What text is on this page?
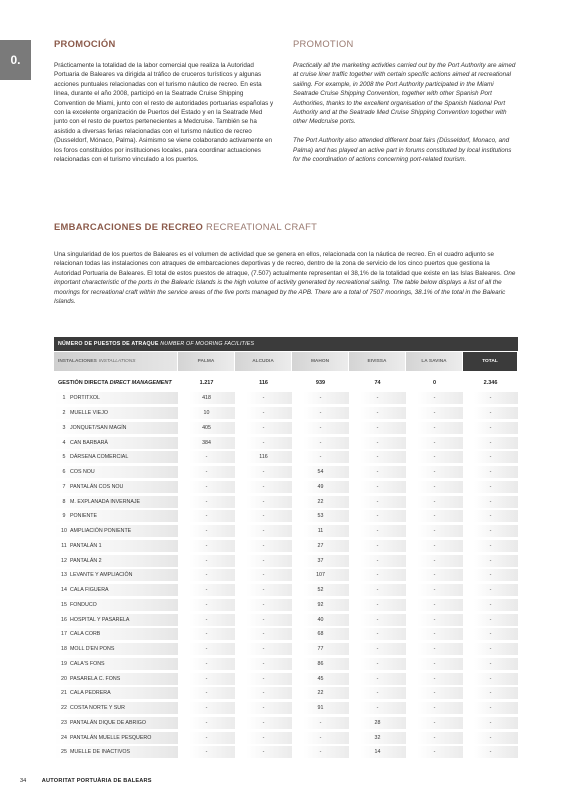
0.
PROMOCIÓN

Prácticamente la totalidad de la labor comercial que realiza la Autoridad Portuaria de Baleares va dirigida al tráfico de cruceros turísticos y algunas acciones puntuales relacionadas con el turismo náutico de recreo. En esta línea, durante el año 2008, participó en la Seatrade Cruise Shipping Convention de Miami, junto con el resto de autoridades portuarias españolas y con la excelente organización de Puertos del Estado y en la Seatrade Med junto con el resto de puertos pertenecientes a Medcruise. También se ha asistido a diversas ferias relacionadas con el turismo náutico de recreo (Dusseldorf, Mónaco, Palma). Asimismo se viene colaborando activamente en los foros constituidos por instituciones locales, para coordinar actuaciones relacionadas con el turismo vinculado a los puertos.

PROMOTION

Practically all the marketing activities carried out by the Port Authority are aimed at cruise liner traffic together with certain specific actions aimed at recreational sailing. For example, in 2008 the Port Authority participated in the Miami Seatrade Cruise Shipping Convention, together with other Spanish Port Authorities, thanks to the excellent organisation of the Spanish National Port Authority and at the Seatrade Med Cruise Shipping Convention together with other Medcruise ports.

The Port Authority also attended different boat fairs (Düsseldorf, Monaco, and Palma) and has played an active part in forums constituted by local institutions for the coordination of actions concerning port-related tourism.

EMBARCACIONES DE RECREO RECREATIONAL CRAFT

Una singularidad de los puertos de Baleares es el volumen de actividad que se genera en ellos, relacionada con la náutica de recreo. En el cuadro adjunto se relacionan todas las instalaciones con atraques de embarcaciones deportivas y de recreo, dentro de la zona de servicio de los cinco puertos que gestiona la Autoridad Portuaria de Baleares. El total de estos puestos de atraque, (7.507) actualmente representan el 38,1% de la totalidad que existe en las Islas Baleares. One important characteristic of the ports in the Balearic Islands is the high volume of activity generated by recreational sailing. The table below displays a list of all the moorings for recreational craft within the service areas of the five ports managed by the APB. There are a total of 7507 moorings, 38.1% of the total in the Balearic Islands.

NÚMERO DE PUESTOS DE ATRAQUE
NUMBER OF MOORING FACILITIES
INSTALACIONES INSTALLATIONS	PALMA	ALCUDIA	MAHON	EIVISSA	LA SAVINA	TOTAL
GESTIÓN DIRECTA DIRECT MANAGEMENT	1.217	116	939	74	0	2.346
1 PORTITXOL	418	-	-	-	-	-
2 MUELLE VIEJO	10	-	-	-	-	-
3 JONQUET/SAN MAGÍN	405	-	-	-	-	-
4 CAN BARBARÀ	384	-	-	-	-	-
5 DÁRSENA COMERCIAL	-	116	-	-	-	-
6 COS NOU	-	-	54	-	-	-
7 PANTALÁN COS NOU	-	-	49	-	-	-
8 M. EXPLANADA INVERNAJE	-	-	22	-	-	-
9 PONIENTE	-	-	53	-	-	-
10 AMPLIACIÓN PONIENTE	-	-	11	-	-	-
11 PANTALÁN 1	-	-	27	-	-	-
12 PANTALÁN 2	-	-	37	-	-	-
13 LEVANTE Y AMPLIACIÓN	-	-	107	-	-	-
14 CALA FIGUERA	-	-	52	-	-	-
15 FONDUCO	-	-	92	-	-	-
16 HOSPITAL Y PASARELA	-	-	40	-	-	-
17 CALA CORB	-	-	68	-	-	-
18 MOLL D'EN PONS	-	-	77	-	-	-
19 CALA'S FONS	-	-	86	-	-	-
20 PASARELA C. FONS	-	-	45	-	-	-
21 CALA PEDRERA	-	-	22	-	-	-
22 COSTA NORTE Y SUR	-	-	91	-	-	-
23 PANTALÁN DIQUE DE ABRIGO	-	-	-	28	-	-
24 PANTALÁN MUELLE PESQUERO	-	-	-	32	-	-
25 MUELLE DE INACTIVOS	-	-	-	14	-	-
34	AUTORITAT PORTUÀRIA DE BALEARS
